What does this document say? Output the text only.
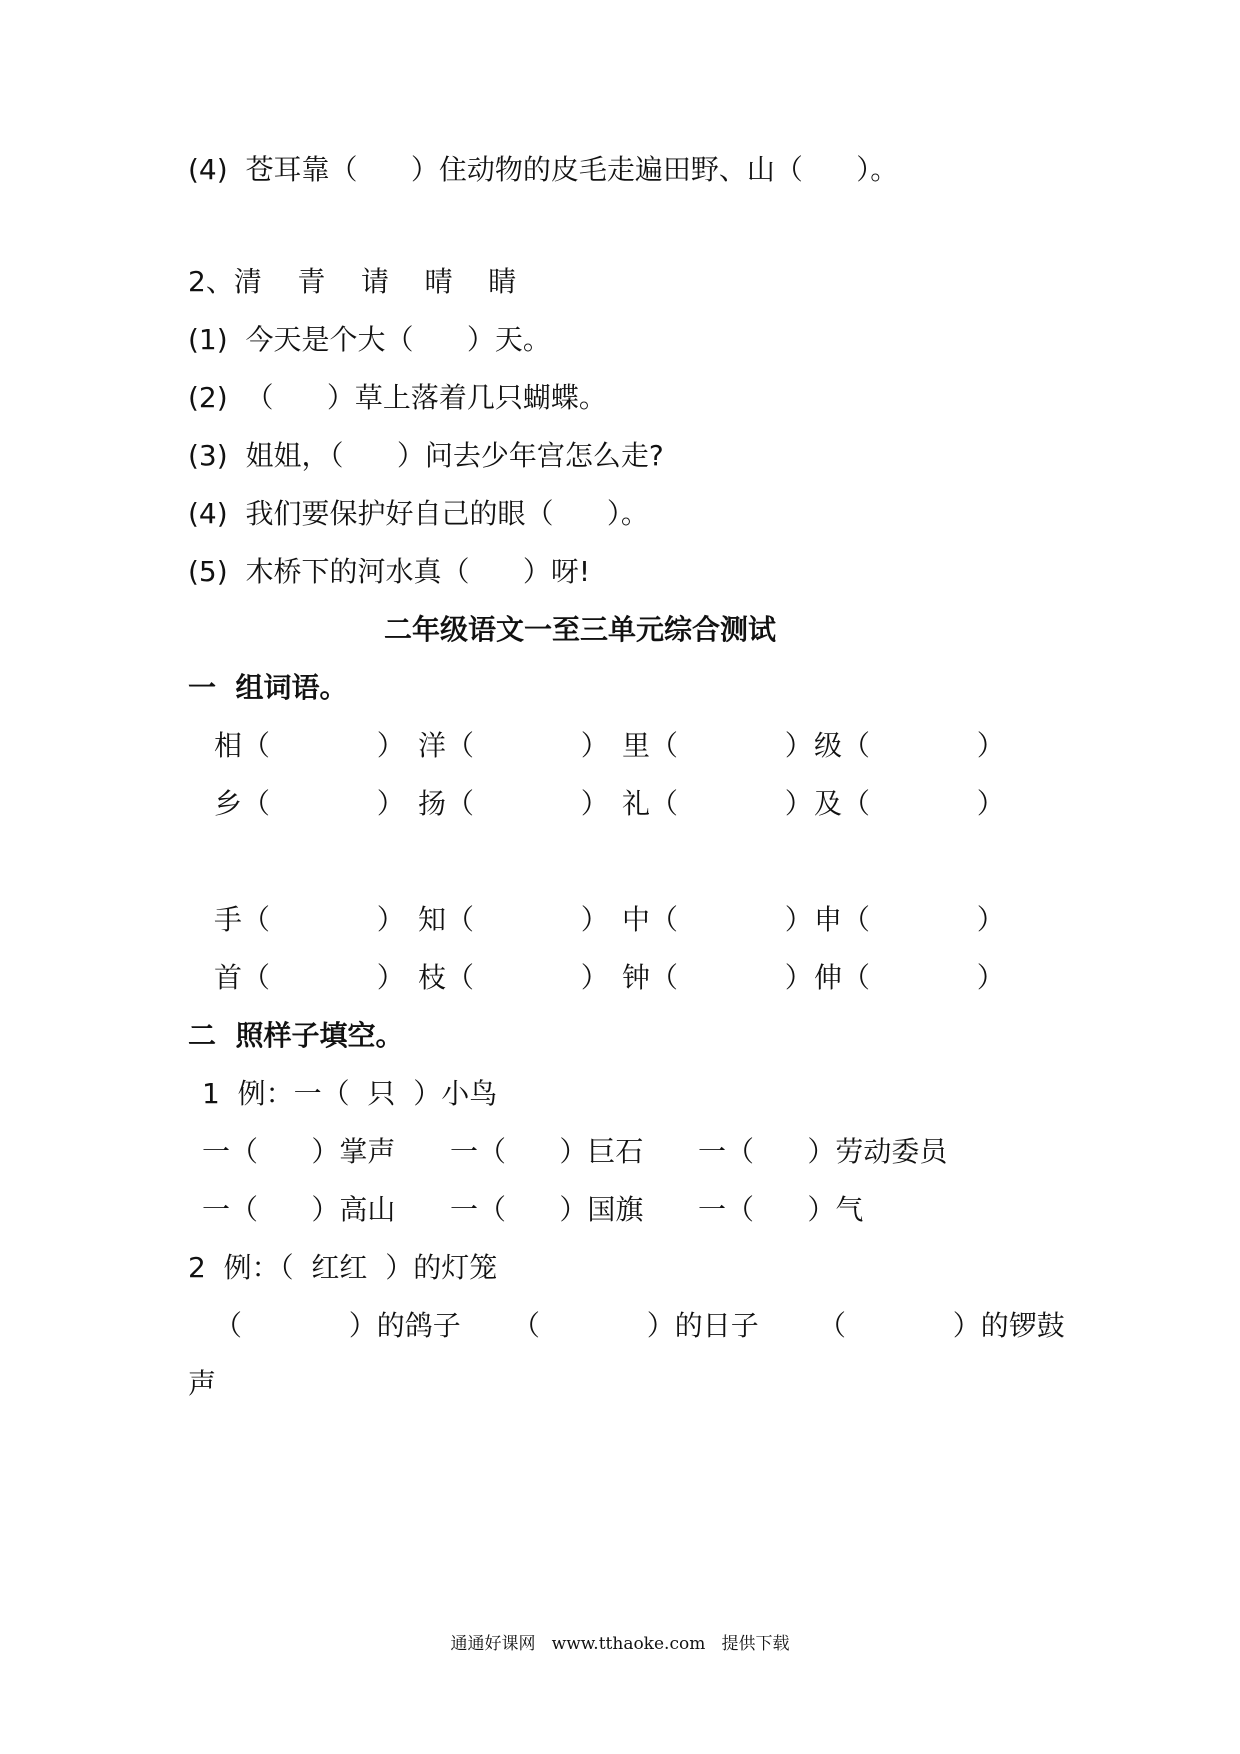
(4)  苍耳靠（      ）住动物的皮毛走遍田野、山（      ）。
2、清    青    请    晴    睛
(1)  今天是个大（      ）天。
(2)  （      ）草上落着几只蝴蝶。
(3)  姐姐，（      ）问去少年宫怎么走?
(4)  我们要保护好自己的眼（      ）。
(5)  木桥下的河水真（      ）呀!
二年级语文一至三单元综合测试
一  组词语。
相（            ） 洋（            ） 里（            ） 级（            ）
乡（            ） 扬（            ） 礼（            ） 及（            ）
手（            ） 知（            ） 中（            ） 申（            ）
首（            ） 枝（            ） 钟（            ） 伸（            ）
二  照样子填空。
1  例：一（  只  ）小鸟
一（      ）掌声 一（      ）巨石 一（      ）劳动委员
一（      ）高山 一（      ）国旗 一（      ）气
2  例：（  红红  ）的灯笼
（            ）的鸽子 （            ）的日子 （            ）的锣鼓
声
通通好课网   www.tthaoke.com   提供下载
